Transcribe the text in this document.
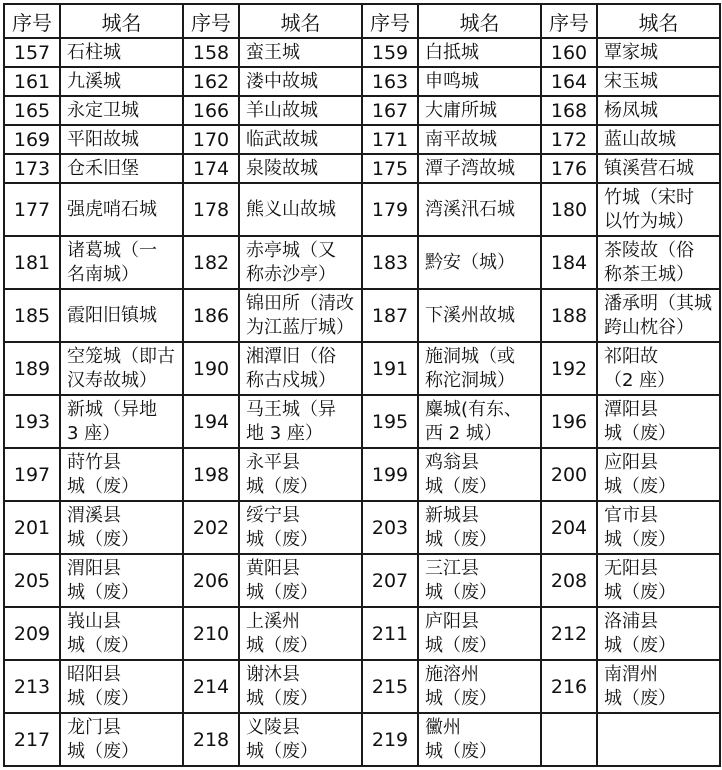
序号	城名	序号	城名	序号	城名	序号	城名
157	石柱城	158	蛮王城	159	白抵城	160	覃家城

161	九溪城	162	溇中故城	163	申鸣城	164	宋玉城

165	永定卫城	166	羊山故城	167	大庸所城	168	杨凤城

169	平阳故城	170	临武故城	171	南平故城	172	蓝山故城

173	仓禾旧堡	174	泉陵故城	175	潭子湾故城	176	镇溪营石城

177	强虎哨石城	178	熊义山故城	179	湾溪汛石城	180	竹城（宋时
以竹为城）

181	诸葛城（一
名南城）	182	赤亭城（又
称赤沙亭）	183	黔安（城）	184	茶陵故（俗
称茶王城）

185	霞阳旧镇城	186	锦田所（清改
为江蓝厅城）	187	下溪州故城	188	潘承明（其城
跨山枕谷）

189	空笼城（即古
汉寿故城）	190	湘潭旧（俗
称古戍城）	191	施洞城（或
称沱洞城）	192	祁阳故
（2 座）

193	新城（异地
3 座）	194	马王城（异
地 3 座）	195	麋城(有东、
西 2 城）	196	潭阳县
城（废）

197	莳竹县
城（废）	198	永平县
城（废）	199	鸡翁县
城（废）	200	应阳县
城（废）

201	渭溪县
城（废）	202	绥宁县
城（废）	203	新城县
城（废）	204	官市县
城（废）

205	渭阳县
城（废）	206	黄阳县
城（废）	207	三江县
城（废）	208	无阳县
城（废）

209	峩山县
城（废）	210	上溪州
城（废）	211	庐阳县
城（废）	212	洛浦县
城（废）

213	昭阳县
城（废）	214	谢沐县
城（废）	215	施溶州
城（废）	216	南渭州
城（废）

217	龙门县
城（废）	218	义陵县
城（废）	219	黴州
城（废）		
